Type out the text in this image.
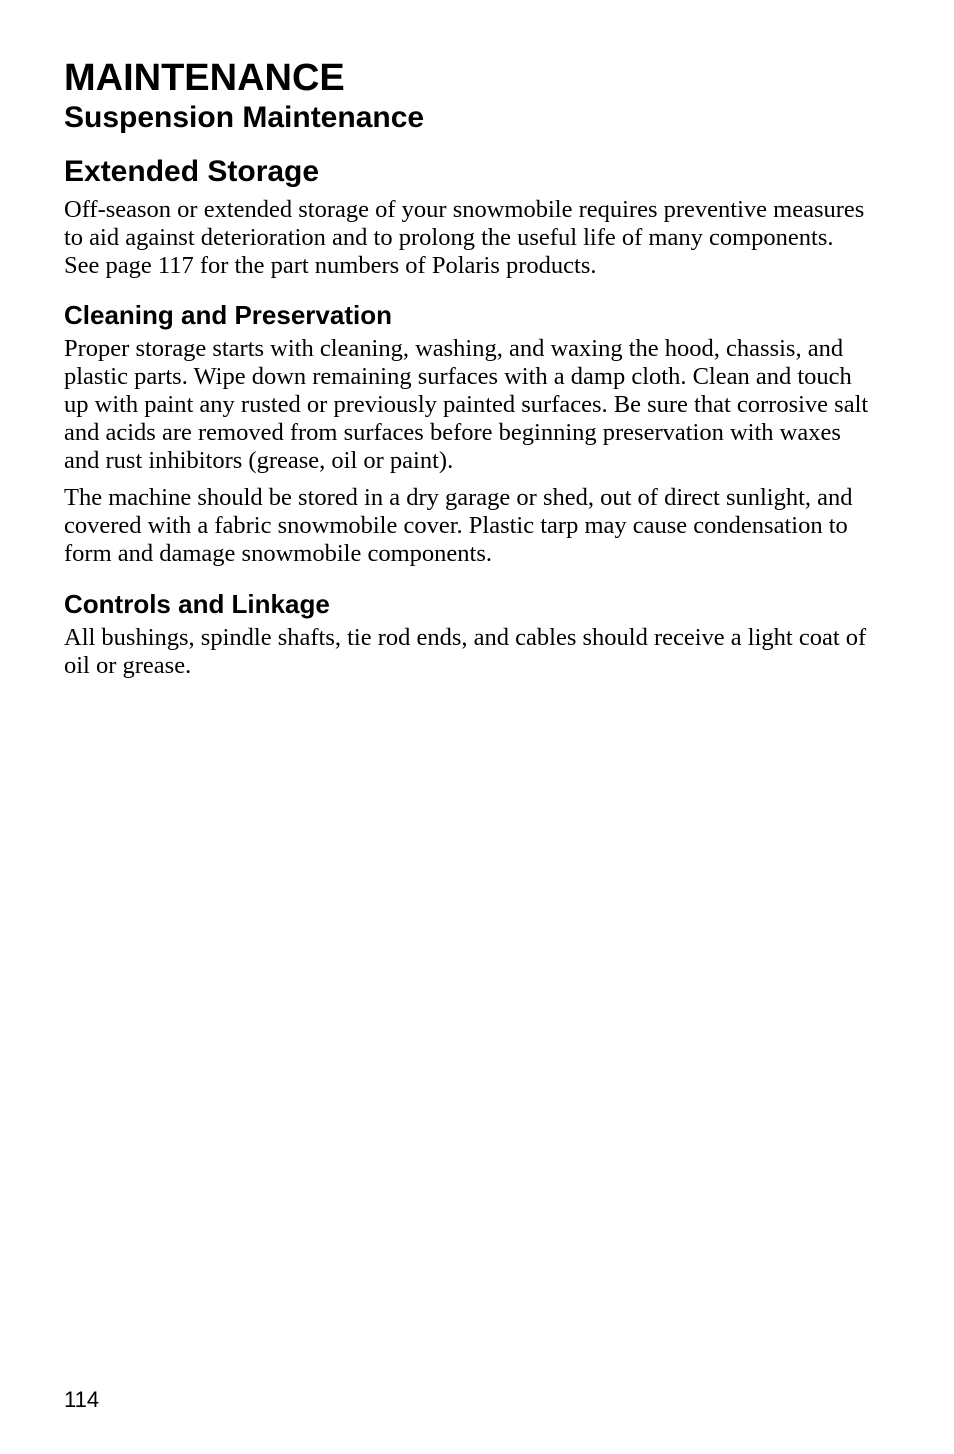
MAINTENANCE
Suspension Maintenance
Extended Storage

Off-season or extended storage of your snowmobile requires preventive measures to aid against deterioration and to prolong the useful life of many components. See page 117 for the part numbers of Polaris products.

Cleaning and Preservation

Proper storage starts with cleaning, washing, and waxing the hood, chassis, and plastic parts. Wipe down remaining surfaces with a damp cloth. Clean and touch up with paint any rusted or previously painted surfaces. Be sure that corrosive salt and acids are removed from surfaces before beginning preservation with waxes and rust inhibitors (grease, oil or paint).

The machine should be stored in a dry garage or shed, out of direct sunlight, and covered with a fabric snowmobile cover. Plastic tarp may cause condensation to form and damage snowmobile components.

Controls and Linkage

All bushings, spindle shafts, tie rod ends, and cables should receive a light coat of oil or grease.

114
